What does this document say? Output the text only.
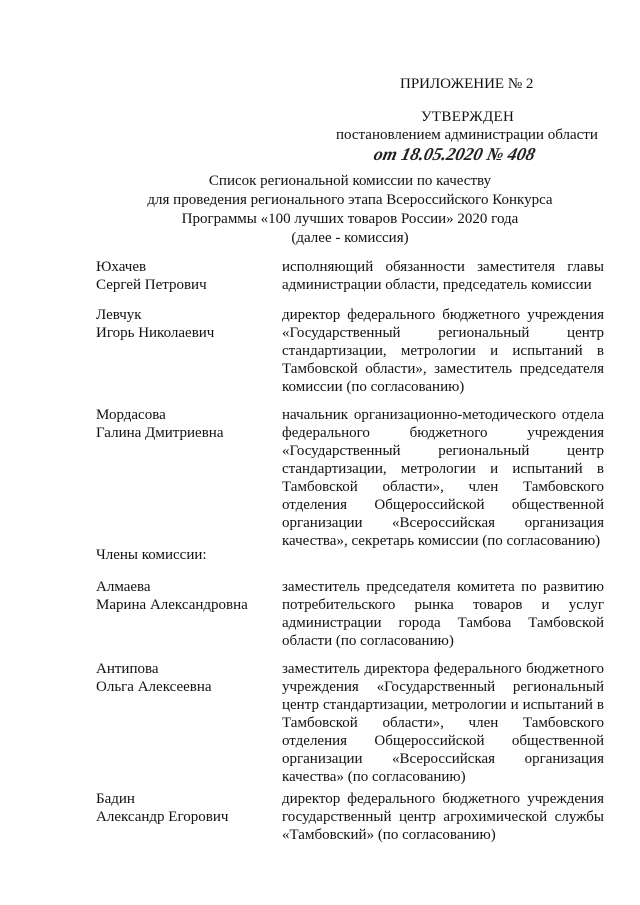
ПРИЛОЖЕНИЕ № 2
УТВЕРЖДЕН
постановлением администрации области
от 18.05.2020 № 408
Список региональной комиссии по качеству
для проведения регионального этапа Всероссийского Конкурса
Программы «100 лучших товаров России» 2020 года
(далее - комиссия)
Юхачев
Сергей Петрович
исполняющий обязанности заместителя главы администрации области, председатель комиссии
Левчук
Игорь Николаевич
директор федерального бюджетного учреждения «Государственный региональный центр стандартизации, метрологии и испытаний в Тамбовской области», заместитель председателя комиссии (по согласованию)
Мордасова
Галина Дмитриевна
начальник организационно-методического отдела федерального бюджетного учреждения «Государственный региональный центр стандартизации, метрологии и испытаний в Тамбовской области», член Тамбовского отделения Общероссийской общественной организации «Всероссийская организация качества», секретарь комиссии (по согласованию)
Члены комиссии:
Алмаева
Марина Александровна
заместитель председателя комитета по развитию потребительского рынка товаров и услуг администрации города Тамбова Тамбовской области (по согласованию)
Антипова
Ольга Алексеевна
заместитель директора федерального бюджетного учреждения «Государственный региональный центр стандартизации, метрологии и испытаний в Тамбовской области», член Тамбовского отделения Общероссийской общественной организации «Всероссийская организация качества» (по согласованию)
Бадин
Александр Егорович
директор федерального бюджетного учреждения государственный центр агрохимической службы «Тамбовский» (по согласованию)
